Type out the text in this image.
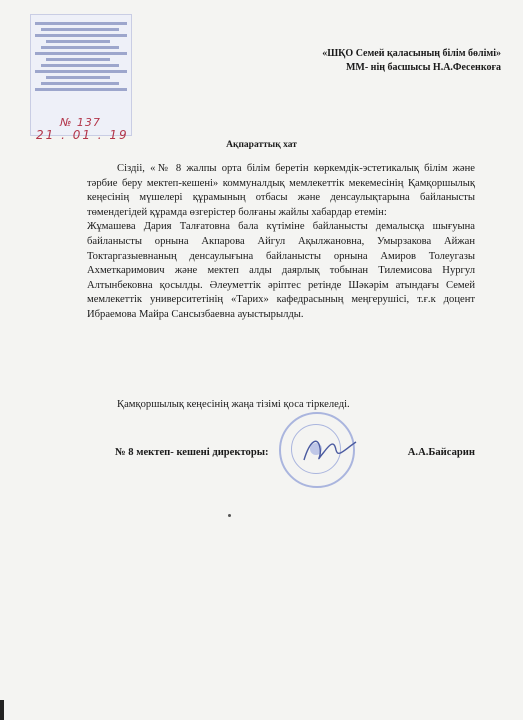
№ 137
21 . 01 . 19
«ШҚО Семей қаласының білім бөлімі»
ММ- нің басшысы Н.А.Фесенкоға
Ақпараттық хат

Сіздіі, «№ 8 жалпы орта білім беретін көркемдік-эстетикалық білім және тәрбие беру мектеп-кешені» коммуналдық мемлекеттік мекемесінің Қамқоршылық кеңесінің мүшелері құрамының отбасы және денсаулықтарына байланысты төмендегідей құрамда өзгерістер болғаны жайлы хабардар етемін:

Жұмашева Дария Талғатовна бала күтіміне байланысты демалысқа шығуына байланысты орнына Акпарова Айгул Ақылжановна, Умырзакова Айжан Токтаргазыевнаның денсаулығына байланысты орнына Амиров Толеугазы Ахметкаримович және мектеп алды даярлық тобынан Тилемисова Нургул Алтынбековна қосылды. Әлеуметтік әріптес ретінде Шәкәрім атындағы Семей мемлекеттік университетінің «Тарих» кафедрасының меңгерушісі, т.ғ.к доцент Ибраемова Майра Сансызбаевна ауыстырылды.

Қамқоршылық кеңесінің жаңа тізімі қоса тіркеледі.
№ 8 мектеп- кешені директоры:	А.А.Байсарин
